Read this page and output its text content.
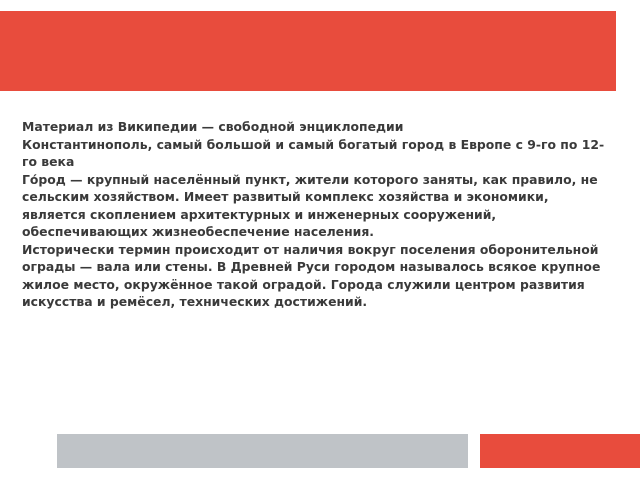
Материал из Википедии — свободной энциклопедии

Константинополь, самый большой и самый богатый город в Европе с 9-го по 12-го века

Го́род — крупный населённый пункт, жители которого заняты, как правило, не сельским хозяйством. Имеет развитый комплекс хозяйства и экономики, является скоплением архитектурных и инженерных сооружений, обеспечивающих жизнеобеспечение населения.

Исторически термин происходит от наличия вокруг поселения оборонительной ограды — вала или стены. В Древней Руси городом называлось всякое крупное жилое место, окружённое такой оградой. Города служили центром развития искусства и ремёсел, технических достижений.
